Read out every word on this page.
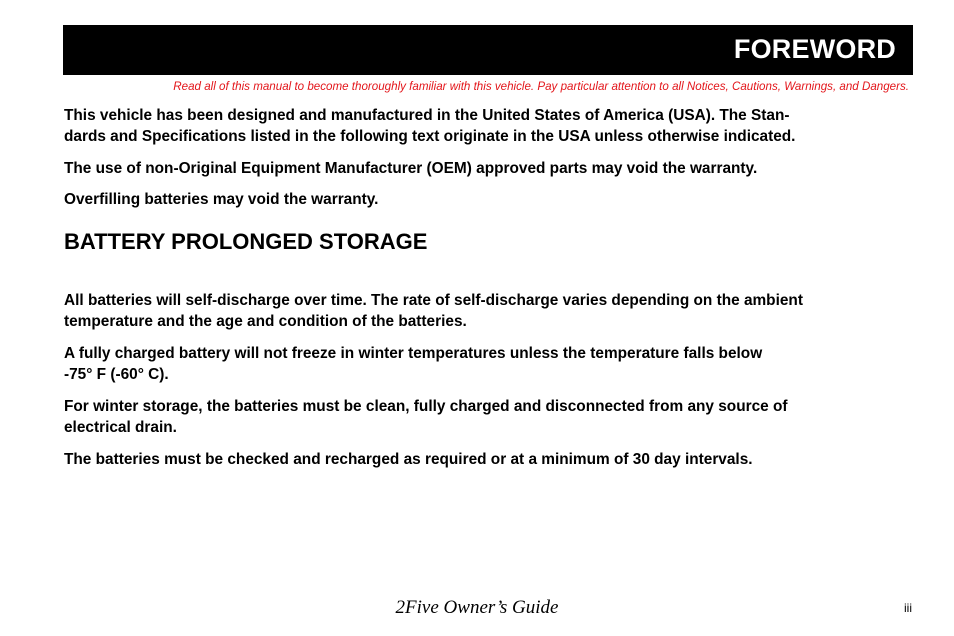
FOREWORD
Read all of this manual to become thoroughly familiar with this vehicle. Pay particular attention to all Notices, Cautions, Warnings, and Dangers.

This vehicle has been designed and manufactured in the United States of America (USA). The Stan-
dards and Specifications listed in the following text originate in the USA unless otherwise indicated.

The use of non-Original Equipment Manufacturer (OEM) approved parts may void the warranty.

Overfilling batteries may void the warranty.

BATTERY PROLONGED STORAGE

All batteries will self-discharge over time. The rate of self-discharge varies depending on the ambient
temperature and the age and condition of the batteries.

A fully charged battery will not freeze in winter temperatures unless the temperature falls below
-75° F (-60° C).

For winter storage, the batteries must be clean, fully charged and disconnected from any source of
electrical drain.

The batteries must be checked and recharged as required or at a minimum of 30 day intervals.

2Five Owner’s Guide	iii
